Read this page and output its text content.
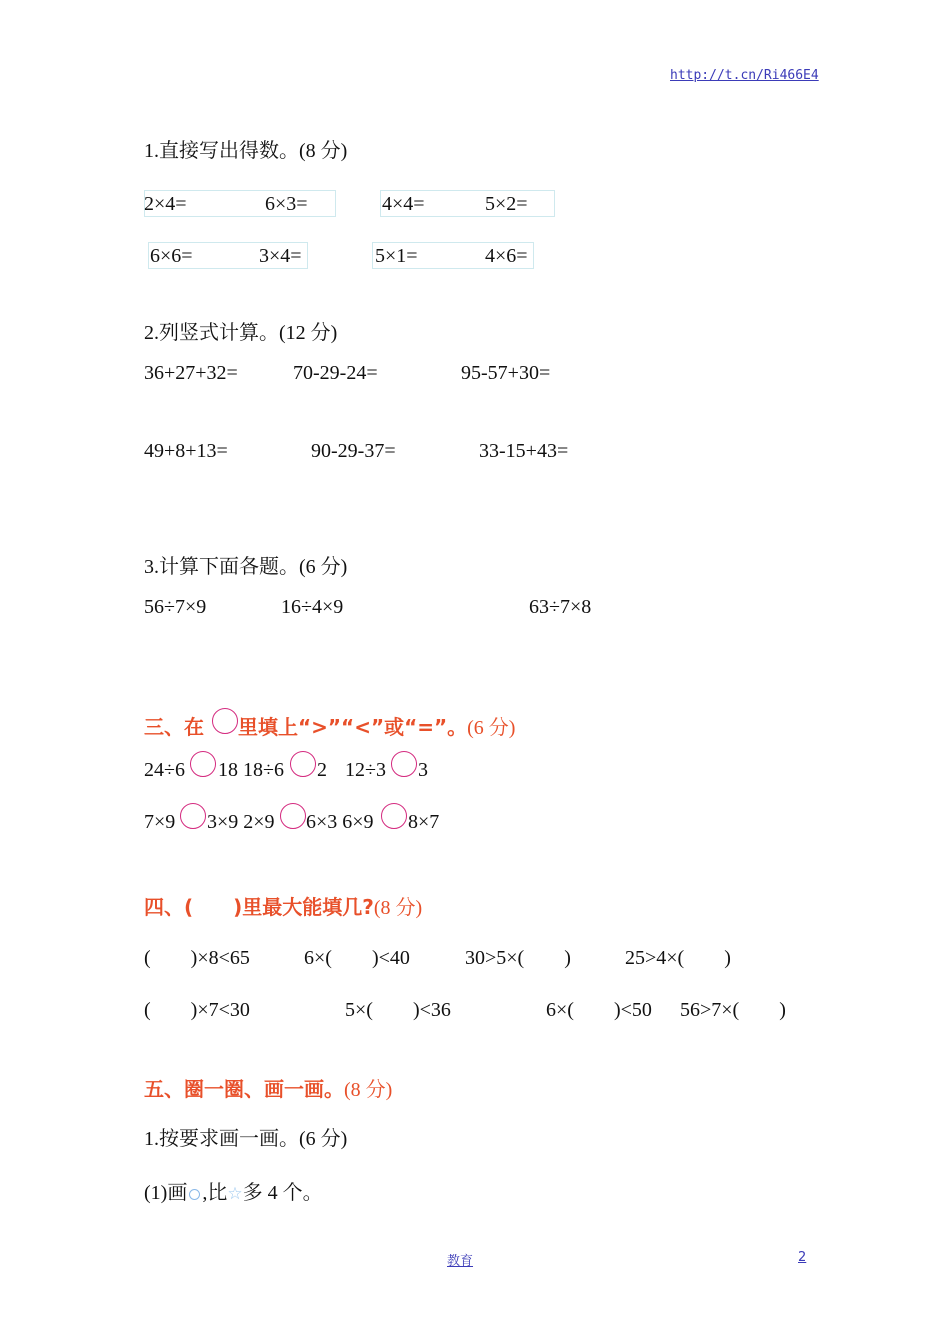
http://t.cn/Ri466E4
1.直接写出得数。(8 分)
2×4=	6×3=	4×4=	5×2=
6×6=	3×4=	5×1=	4×6=
2.列竖式计算。(12 分)
36+27+32=	70-29-24=	95-57+30=
49+8+13=	90-29-37=	33-15+43=
3.计算下面各题。(6 分)
56÷7×9	16÷4×9	63÷7×8
三、在 里填上“>”“<”或“=”。(6 分)
24÷6 18 18÷6 2 12÷3 3
7×9 3×9 2×9 6×3 6×9 8×7
四、(　　)里最大能填几?(8 分)
(　　)×8<65	6×(　　)<40	30>5×(　　)	25>4×(　　)
(　　)×7<30	5×(　　)<36	6×(　　)<50 56>7×(　　)
五、圈一圈、画一画。(8 分)
1.按要求画一画。(6 分)
(1)画 ,比☆多 4 个。
教育	2
